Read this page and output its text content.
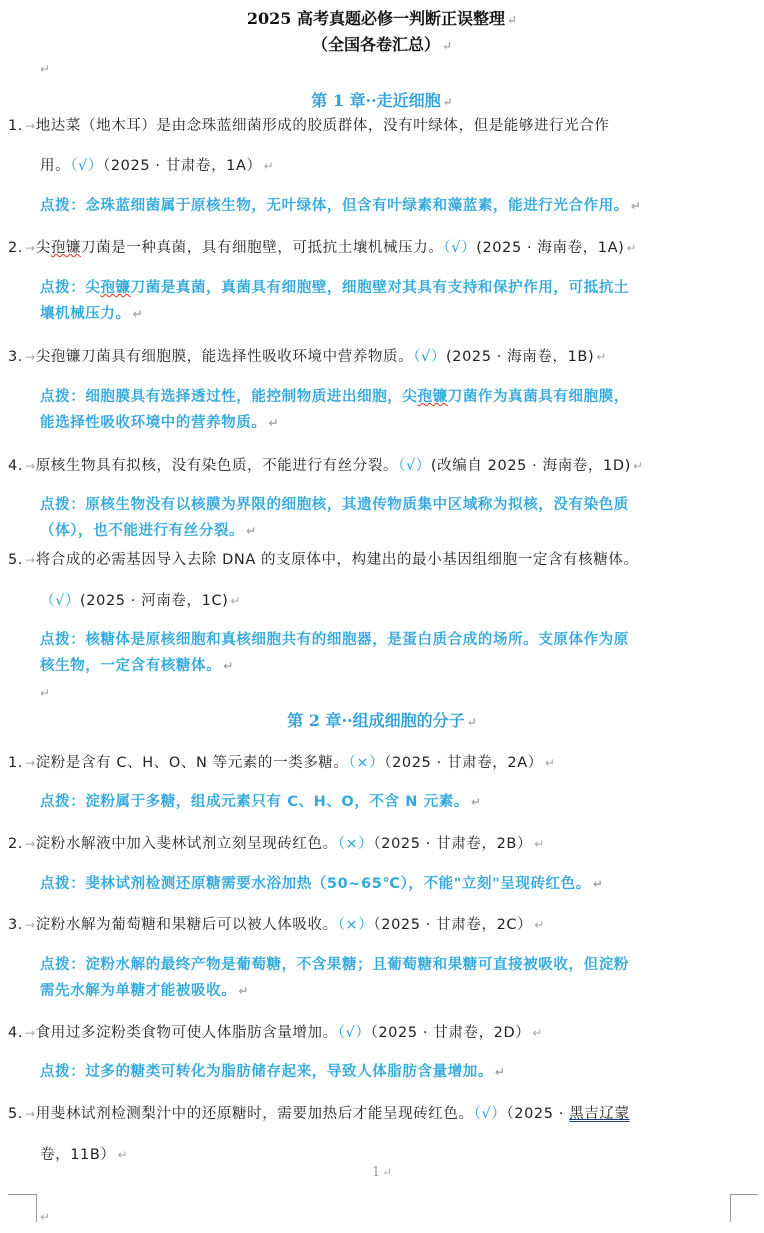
2025 高考真题必修一判断正误整理 ↵
（全国各卷汇总） ↵
↵
第 1 章··走近细胞 ↵
1. →地达菜（地木耳）是由念珠蓝细菌形成的胶质群体，没有叶绿体，但是能够进行光合作
用。（√）（2025 · 甘肃卷，1A） ↵
点拨：念珠蓝细菌属于原核生物，无叶绿体，但含有叶绿素和藻蓝素，能进行光合作用。 ↵
2. →尖孢镰刀菌是一种真菌，具有细胞壁，可抵抗土壤机械压力。（√）(2025 · 海南卷，1A) ↵
点拨：尖孢镰刀菌是真菌，真菌具有细胞壁，细胞壁对其具有支持和保护作用，可抵抗土
壤机械压力。 ↵
3. →尖孢镰刀菌具有细胞膜，能选择性吸收环境中营养物质。（√）(2025 · 海南卷，1B) ↵
点拨：细胞膜具有选择透过性，能控制物质进出细胞，尖孢镰刀菌作为真菌具有细胞膜，
能选择性吸收环境中的营养物质。 ↵
4. →原核生物具有拟核，没有染色质，不能进行有丝分裂。（√）(改编自 2025 · 海南卷，1D) ↵
点拨：原核生物没有以核膜为界限的细胞核，其遗传物质集中区域称为拟核，没有染色质
（体），也不能进行有丝分裂。 ↵
5. →将合成的必需基因导入去除 DNA 的支原体中，构建出的最小基因组细胞一定含有核糖体。
（√）(2025 · 河南卷，1C) ↵
点拨：核糖体是原核细胞和真核细胞共有的细胞器，是蛋白质合成的场所。支原体作为原
核生物，一定含有核糖体。 ↵
↵
第 2 章··组成细胞的分子 ↵
1. →淀粉是含有 C、H、O、N 等元素的一类多糖。（×）（2025 · 甘肃卷，2A） ↵
点拨：淀粉属于多糖，组成元素只有 C、H、O，不含 N 元素。 ↵
2. →淀粉水解液中加入斐林试剂立刻呈现砖红色。（×）（2025 · 甘肃卷，2B） ↵
点拨：斐林试剂检测还原糖需要水浴加热（50~65℃），不能"立刻"呈现砖红色。 ↵
3. →淀粉水解为葡萄糖和果糖后可以被人体吸收。（×）（2025 · 甘肃卷，2C） ↵
点拨：淀粉水解的最终产物是葡萄糖，不含果糖；且葡萄糖和果糖可直接被吸收，但淀粉
需先水解为单糖才能被吸收。 ↵
4. →食用过多淀粉类食物可使人体脂肪含量增加。（√）（2025 · 甘肃卷，2D） ↵
点拨：过多的糖类可转化为脂肪储存起来，导致人体脂肪含量增加。 ↵
5. →用斐林试剂检测梨汁中的还原糖时，需要加热后才能呈现砖红色。（√）（2025 · 黑吉辽蒙
卷，11B） ↵
1 ↵
↵
